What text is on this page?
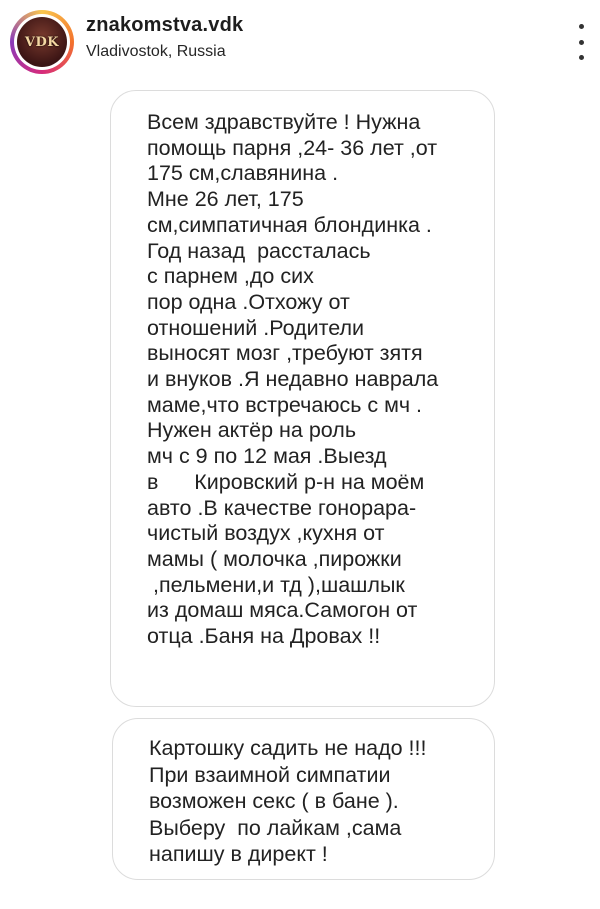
VDK
znakomstva.vdk
Vladivostok, Russia

Всем здравствуйте ! Нужна
помощь парня ,24- 36 лет ,от
175 см,славянина .
Мне 26 лет, 175
см,симпатичная блондинка .
Год назад  рассталась
с парнем ,до сих
пор одна .Отхожу от
отношений .Родители
выносят мозг ,требуют зятя
и внуков .Я недавно наврала
маме,что встречаюсь с мч .
Нужен актёр на роль
мч с 9 по 12 мая .Выезд
в      Кировский р-н на моём
авто .В качестве гонорара-
чистый воздух ,кухня от
мамы ( молочка ,пирожки
,пельмени,и тд ),шашлык
из домаш мяса.Самогон от
отца .Баня на Дровах !!

Картошку садить не надо !!!
При взаимной симпатии
возможен секс ( в бане ).
Выберу  по лайкам ,сама
напишу в директ !
